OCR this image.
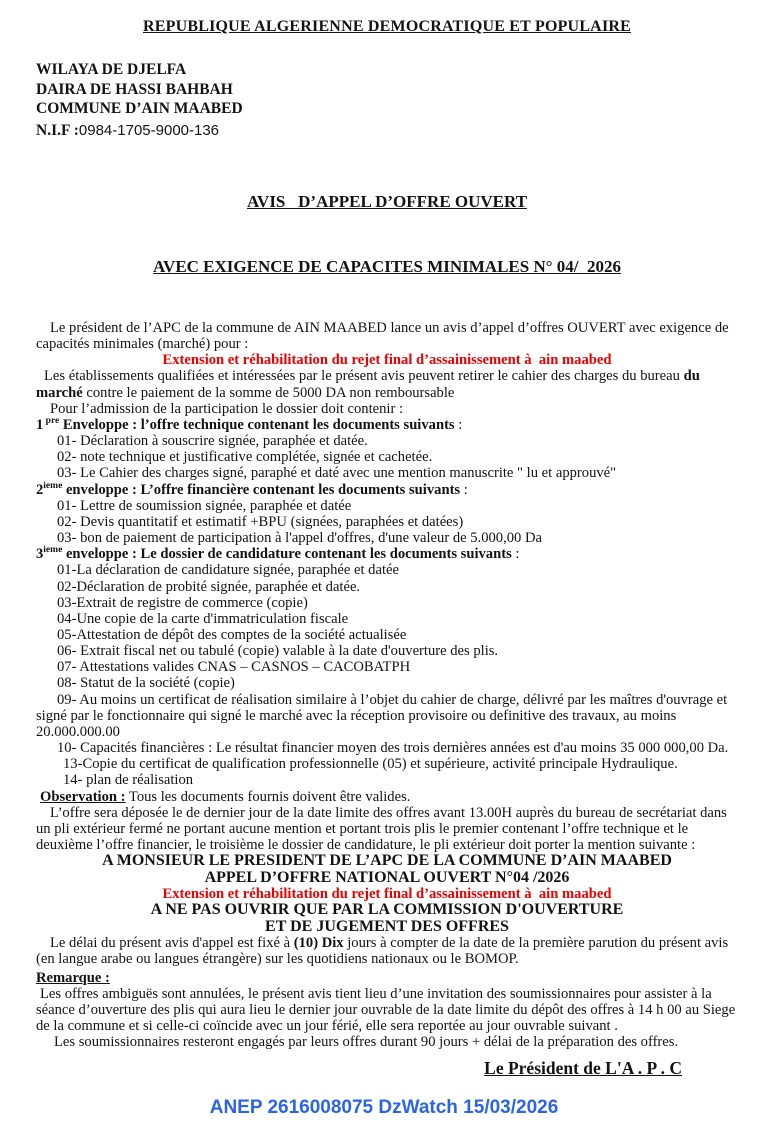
REPUBLIQUE ALGERIENNE DEMOCRATIQUE ET POPULAIRE
WILAYA DE DJELFA
DAIRA DE HASSI BAHBAH
COMMUNE D’AIN MAABED
N.I.F :0984-1705-9000-136

AVIS   D’APPEL D’OFFRE OUVERT

AVEC EXIGENCE DE CAPACITES MINIMALES N° 04/  2026

Le président de l’APC de la commune de AIN MAABED lance un avis d’appel d’offres OUVERT avec exigence de capacités minimales (marché) pour :

Extension et réhabilitation du rejet final d’assainissement à  ain maabed

Les établissements qualifiées et intéressées par le présent avis peuvent retirer le cahier des charges du bureau du marché contre le paiement de la somme de 5000 DA non remboursable

Pour l’admission de la participation le dossier doit contenir :

1 $^{pre}$ Enveloppe : l’offre technique contenant les documents suivants :
01- Déclaration à souscrire signée, paraphée et datée.
02- note technique et justificative complétée, signée et cachetée.
03- Le Cahier des charges signé, paraphé et daté avec une mention manuscrite " lu et approuvé"
2ieme enveloppe : L’offre financière contenant les documents suivants :
01- Lettre de soumission signée, paraphée et datée
02- Devis quantitatif et estimatif +BPU (signées, paraphées et datées)
03- bon de paiement de participation à l'appel d'offres, d'une valeur de 5.000,00 Da
3ieme enveloppe : Le dossier de candidature contenant les documents suivants :
01-La déclaration de candidature signée, paraphée et datée
02-Déclaration de probité signée, paraphée et datée.
03-Extrait de registre de commerce (copie)
04-Une copie de la carte d'immatriculation fiscale
05-Attestation de dépôt des comptes de la société actualisée
06- Extrait fiscal net ou tabulé (copie) valable à la date d'ouverture des plis.
07- Attestations valides CNAS – CASNOS – CACOBATPH
08- Statut de la société (copie)
09- Au moins un certificat de réalisation similaire à l’objet du cahier de charge, délivré par les maîtres d'ouvrage et signé par le fonctionnaire qui signé le marché avec la réception provisoire ou definitive des travaux, au moins 20.000.000.00
10- Capacités financières : Le résultat financier moyen des trois dernières années est d'au moins 35 000 000,00 Da.
13-Copie du certificat de qualification professionnelle (05) et supérieure, activité principale Hydraulique.
14- plan de réalisation

Observation : Tous les documents fournis doivent être valides.

L’offre sera déposée le de dernier jour de la date limite des offres avant 13.00H auprès du bureau de secrétariat dans un pli extérieur fermé ne portant aucune mention et portant trois plis le premier contenant l’offre technique et le deuxième l’offre financier, le troisième le dossier de candidature, le pli extérieur doit porter la mention suivante :

A MONSIEUR LE PRESIDENT DE L’APC DE LA COMMUNE D’AIN MAABED
APPEL D’OFFRE NATIONAL OUVERT N°04 /2026
Extension et réhabilitation du rejet final d’assainissement à  ain maabed
A NE PAS OUVRIR QUE PAR LA COMMISSION D'OUVERTURE
ET DE JUGEMENT DES OFFRES

Le délai du présent avis d'appel est fixé à (10) Dix jours à compter de la date de la première parution du présent avis (en langue arabe ou langues étrangère) sur les quotidiens nationaux ou le BOMOP.

Remarque :

Les offres ambiguës sont annulées, le présent avis tient lieu d’une invitation des soumissionnaires pour assister à la séance d’ouverture des plis qui aura lieu le dernier jour ouvrable de la date limite du dépôt des offres à 14 h 00 au Siege de la commune et si celle-ci coïncide avec un jour férié, elle sera reportée au jour ouvrable suivant .

Les soumissionnaires resteront engagés par leurs offres durant 90 jours + délai de la préparation des offres.

Le Président de L'A . P . C
ANEP 2616008075 DzWatch 15/03/2026
